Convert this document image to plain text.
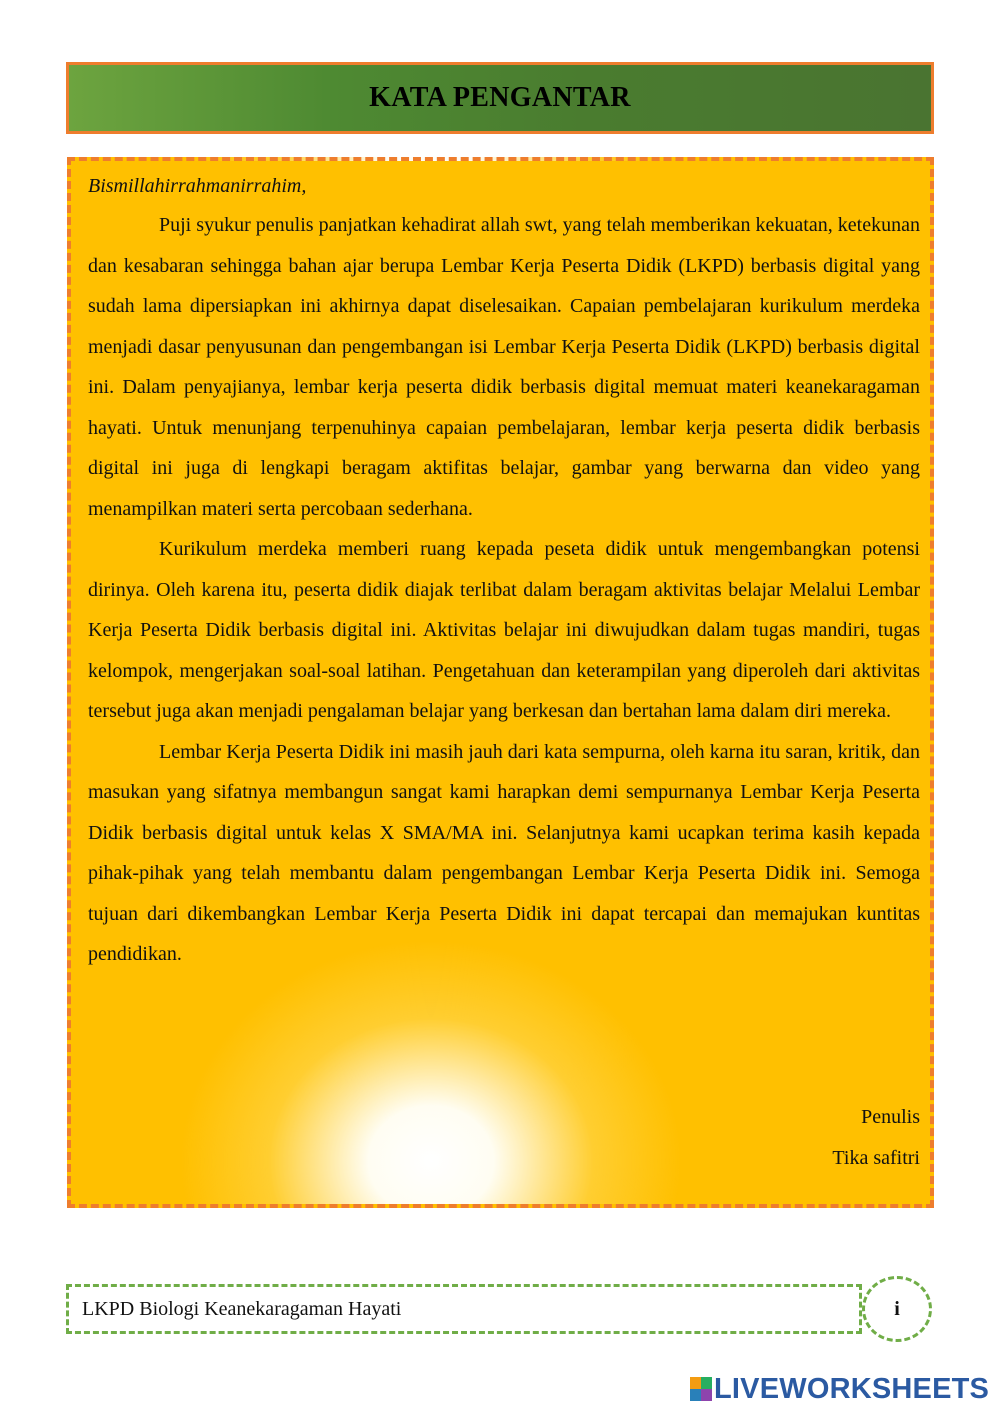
KATA PENGANTAR

Bismillahirrahmanirrahim,

Puji syukur penulis panjatkan kehadirat allah swt, yang telah memberikan kekuatan, ketekunan dan kesabaran sehingga bahan ajar berupa Lembar Kerja Peserta Didik (LKPD) berbasis digital yang sudah lama dipersiapkan ini akhirnya dapat diselesaikan. Capaian pembelajaran kurikulum merdeka menjadi dasar penyusunan dan pengembangan isi Lembar Kerja Peserta Didik (LKPD) berbasis digital ini. Dalam penyajianya, lembar kerja peserta didik berbasis digital memuat materi keanekaragaman hayati. Untuk menunjang terpenuhinya capaian pembelajaran, lembar kerja peserta didik berbasis digital ini juga di lengkapi beragam aktifitas belajar, gambar yang berwarna dan video yang menampilkan materi serta percobaan sederhana.

Kurikulum merdeka memberi ruang kepada peseta didik untuk mengembangkan potensi dirinya. Oleh karena itu, peserta didik diajak terlibat dalam beragam aktivitas belajar Melalui Lembar Kerja Peserta Didik berbasis digital ini. Aktivitas belajar ini diwujudkan dalam tugas mandiri, tugas kelompok, mengerjakan soal-soal latihan. Pengetahuan dan keterampilan yang diperoleh dari aktivitas tersebut juga akan menjadi pengalaman belajar yang berkesan dan bertahan lama dalam diri mereka.

Lembar Kerja Peserta Didik ini masih jauh dari kata sempurna, oleh karna itu saran, kritik, dan masukan yang sifatnya membangun sangat kami harapkan demi sempurnanya Lembar Kerja Peserta Didik berbasis digital untuk kelas X SMA/MA ini. Selanjutnya kami ucapkan terima kasih kepada pihak-pihak yang telah membantu dalam pengembangan Lembar Kerja Peserta Didik ini. Semoga tujuan dari dikembangkan Lembar Kerja Peserta Didik ini dapat tercapai dan memajukan kuntitas pendidikan.

Penulis
Tika safitri
LKPD Biologi Keanekaragaman Hayati	i
LIVEWORKSHEETS
